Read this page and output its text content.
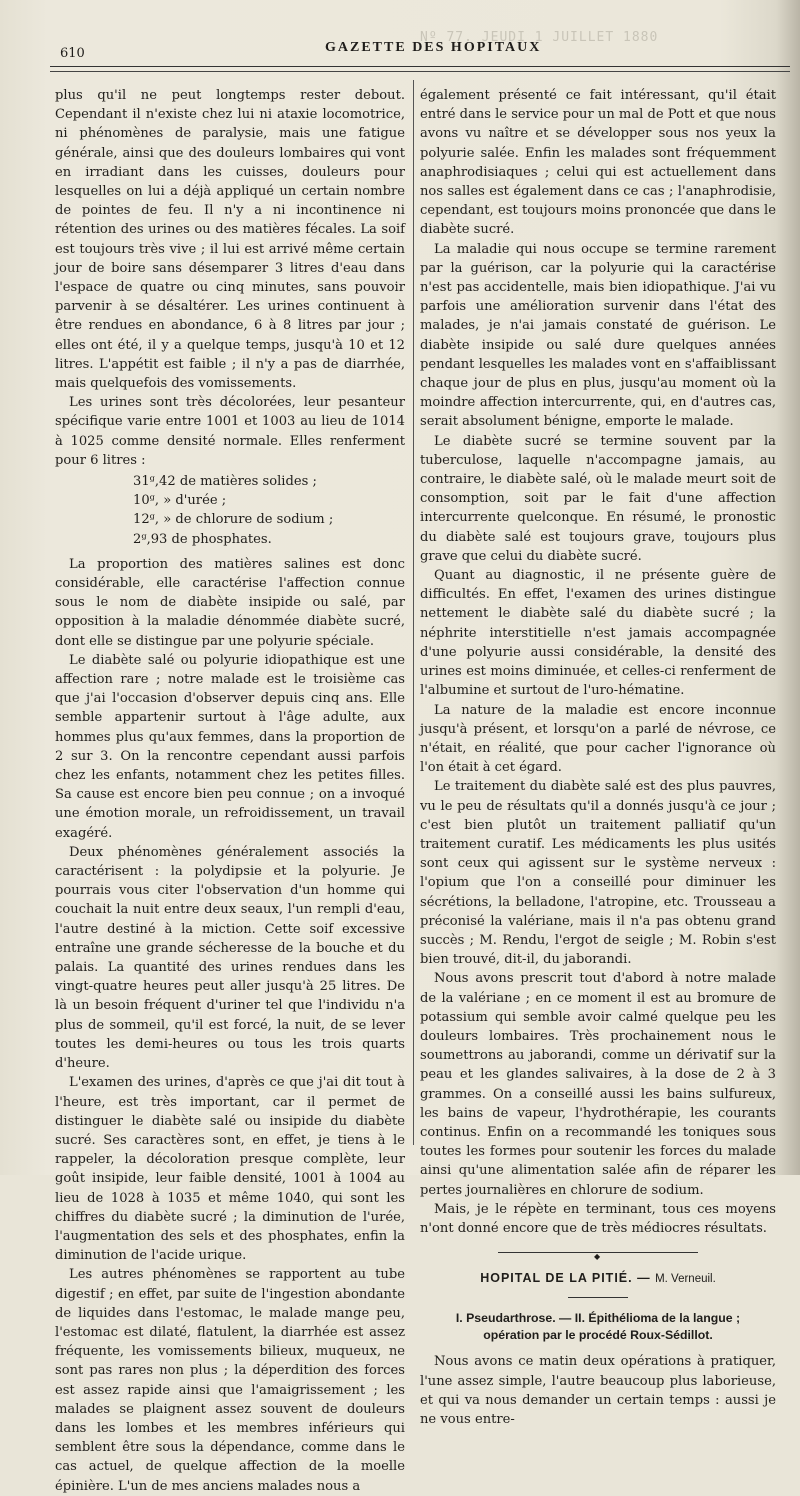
Nº 77. JEUDI 1 JUILLET 1880
610	GAZETTE DES HOPITAUX

plus qu'il ne peut longtemps rester debout. Cependant il n'existe chez lui ni ataxie locomotrice, ni phénomènes de paralysie, mais une fatigue générale, ainsi que des douleurs lombaires qui vont en irradiant dans les cuisses, douleurs pour lesquelles on lui a déjà appliqué un certain nombre de pointes de feu. Il n'y a ni incontinence ni rétention des urines ou des matières fécales. La soif est toujours très vive ; il lui est arrivé même certain jour de boire sans désemparer 3 litres d'eau dans l'espace de quatre ou cinq minutes, sans pouvoir parvenir à se désaltérer. Les urines continuent à être rendues en abondance, 6 à 8 litres par jour ; elles ont été, il y a quelque temps, jusqu'à 10 et 12 litres. L'appétit est faible ; il n'y a pas de diarrhée, mais quelquefois des vomissements.

Les urines sont très décolorées, leur pesanteur spécifique varie entre 1001 et 1003 au lieu de 1014 à 1025 comme densité normale. Elles renferment pour 6 litres :

31ᵍ,42 de matières solides ;
10ᵍ, » d'urée ;
12ᵍ, » de chlorure de sodium ;
2ᵍ,93 de phosphates.

La proportion des matières salines est donc considérable, elle caractérise l'affection connue sous le nom de diabète insipide ou salé, par opposition à la maladie dénommée diabète sucré, dont elle se distingue par une polyurie spéciale.

Le diabète salé ou polyurie idiopathique est une affection rare ; notre malade est le troisième cas que j'ai l'occasion d'observer depuis cinq ans. Elle semble appartenir surtout à l'âge adulte, aux hommes plus qu'aux femmes, dans la proportion de 2 sur 3. On la rencontre cependant aussi parfois chez les enfants, notamment chez les petites filles. Sa cause est encore bien peu connue ; on a invoqué une émotion morale, un refroidissement, un travail exagéré.

Deux phénomènes généralement associés la caractérisent : la polydipsie et la polyurie. Je pourrais vous citer l'observation d'un homme qui couchait la nuit entre deux seaux, l'un rempli d'eau, l'autre destiné à la miction. Cette soif excessive entraîne une grande sécheresse de la bouche et du palais. La quantité des urines rendues dans les vingt-quatre heures peut aller jusqu'à 25 litres. De là un besoin fréquent d'uriner tel que l'individu n'a plus de sommeil, qu'il est forcé, la nuit, de se lever toutes les demi-heures ou tous les trois quarts d'heure.

L'examen des urines, d'après ce que j'ai dit tout à l'heure, est très important, car il permet de distinguer le diabète salé ou insipide du diabète sucré. Ses caractères sont, en effet, je tiens à le rappeler, la décoloration presque complète, leur goût insipide, leur faible densité, 1001 à 1004 au lieu de 1028 à 1035 et même 1040, qui sont les chiffres du diabète sucré ; la diminution de l'urée, l'augmentation des sels et des phosphates, enfin la diminution de l'acide urique.

Les autres phénomènes se rapportent au tube digestif ; en effet, par suite de l'ingestion abondante de liquides dans l'estomac, le malade mange peu, l'estomac est dilaté, flatulent, la diarrhée est assez fréquente, les vomissements bilieux, muqueux, ne sont pas rares non plus ; la déperdition des forces est assez rapide ainsi que l'amaigrissement ; les malades se plaignent assez souvent de douleurs dans les lombes et les membres inférieurs qui semblent être sous la dépendance, comme dans le cas actuel, de quelque affection de la moelle épinière. L'un de mes anciens malades nous a

également présenté ce fait intéressant, qu'il était entré dans le service pour un mal de Pott et que nous avons vu naître et se développer sous nos yeux la polyurie salée. Enfin les malades sont fréquemment anaphrodisiaques ; celui qui est actuellement dans nos salles est également dans ce cas ; l'anaphrodisie, cependant, est toujours moins prononcée que dans le diabète sucré.

La maladie qui nous occupe se termine rarement par la guérison, car la polyurie qui la caractérise n'est pas accidentelle, mais bien idiopathique. J'ai vu parfois une amélioration survenir dans l'état des malades, je n'ai jamais constaté de guérison. Le diabète insipide ou salé dure quelques années pendant lesquelles les malades vont en s'affaiblissant chaque jour de plus en plus, jusqu'au moment où la moindre affection intercurrente, qui, en d'autres cas, serait absolument bénigne, emporte le malade.

Le diabète sucré se termine souvent par la tuberculose, laquelle n'accompagne jamais, au contraire, le diabète salé, où le malade meurt soit de consomption, soit par le fait d'une affection intercurrente quelconque. En résumé, le pronostic du diabète salé est toujours grave, toujours plus grave que celui du diabète sucré.

Quant au diagnostic, il ne présente guère de difficultés. En effet, l'examen des urines distingue nettement le diabète salé du diabète sucré ; la néphrite interstitielle n'est jamais accompagnée d'une polyurie aussi considérable, la densité des urines est moins diminuée, et celles-ci renferment de l'albumine et surtout de l'uro-hématine.

La nature de la maladie est encore inconnue jusqu'à présent, et lorsqu'on a parlé de névrose, ce n'était, en réalité, que pour cacher l'ignorance où l'on était à cet égard.

Le traitement du diabète salé est des plus pauvres, vu le peu de résultats qu'il a donnés jusqu'à ce jour ; c'est bien plutôt un traitement palliatif qu'un traitement curatif. Les médicaments les plus usités sont ceux qui agissent sur le système nerveux : l'opium que l'on a conseillé pour diminuer les sécrétions, la belladone, l'atropine, etc. Trousseau a préconisé la valériane, mais il n'a pas obtenu grand succès ; M. Rendu, l'ergot de seigle ; M. Robin s'est bien trouvé, dit-il, du jaborandi.

Nous avons prescrit tout d'abord à notre malade de la valériane ; en ce moment il est au bromure de potassium qui semble avoir calmé quelque peu les douleurs lombaires. Très prochainement nous le soumettrons au jaborandi, comme un dérivatif sur la peau et les glandes salivaires, à la dose de 2 à 3 grammes. On a conseillé aussi les bains sulfureux, les bains de vapeur, l'hydrothérapie, les courants continus. Enfin on a recommandé les toniques sous toutes les formes pour soutenir les forces du malade ainsi qu'une alimentation salée afin de réparer les pertes journalières en chlorure de sodium.

Mais, je le répète en terminant, tous ces moyens n'ont donné encore que de très médiocres résultats.

◆
HOPITAL DE LA PITIÉ. — M. Verneuil.
I. Pseudarthrose. — II. Épithélioma de la langue ;
opération par le procédé Roux-Sédillot.

Nous avons ce matin deux opérations à pratiquer, l'une assez simple, l'autre beaucoup plus laborieuse, et qui va nous demander un certain temps : aussi je ne vous entre-
